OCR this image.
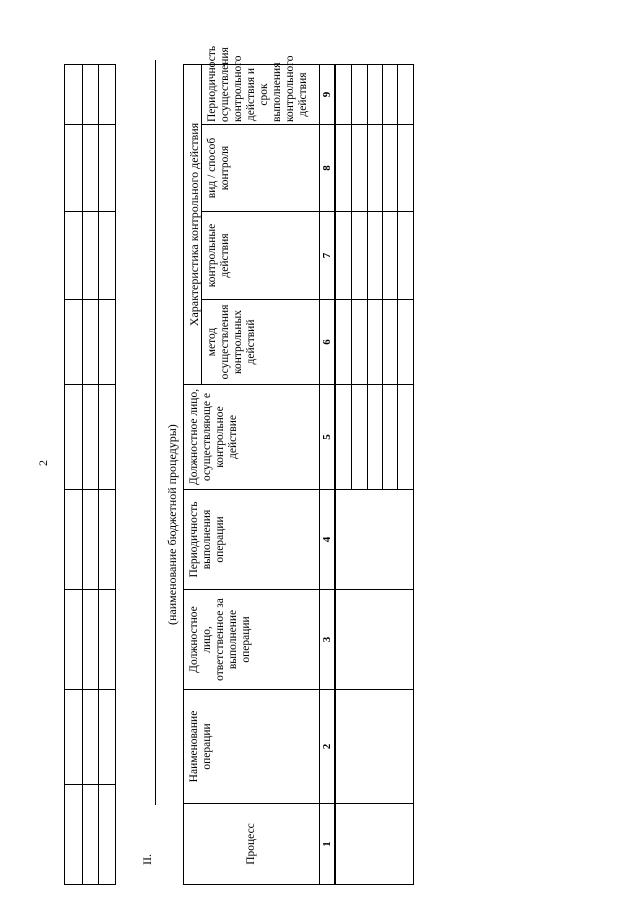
2

II.
(наименование бюджетной процедуры)
Процесс	Наименование операции	Должностное лицо, ответственное за выполнение операции	Периодичность выполнения операции	Должностное лицо, осуществляюще е контрольное действие	Характеристика контрольного действия			
					метод осуществления контрольных действий	контрольные действия	вид / способ контроля	Периодичность осуществления контрольного действия и срок выполнения контрольного действия
1	2	3	4	5	6	7	8	9
